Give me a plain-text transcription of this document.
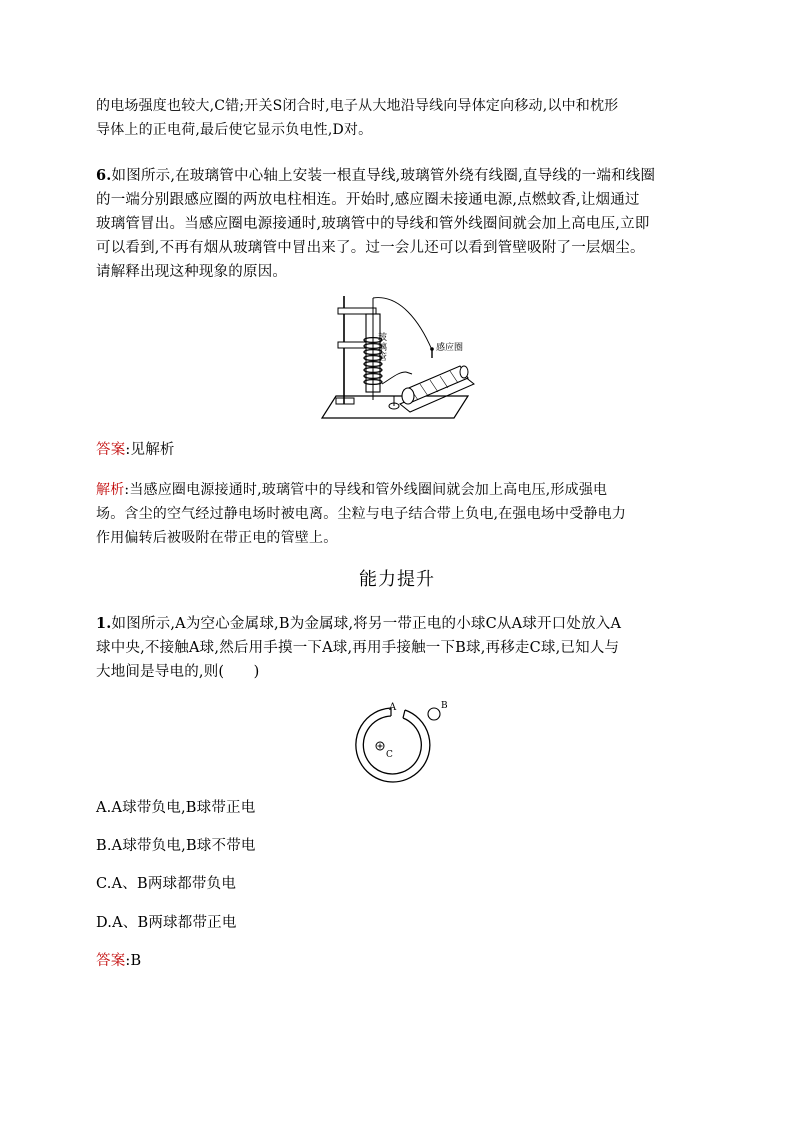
的电场强度也较大,C错;开关S闭合时,电子从大地沿导线向导体定向移动,以中和枕形
导体上的正电荷,最后使它显示负电性,D对。

6.如图所示,在玻璃管中心轴上安装一根直导线,玻璃管外绕有线圈,直导线的一端和线圈
的一端分别跟感应圈的两放电柱相连。开始时,感应圈未接通电源,点燃蚊香,让烟通过
玻璃管冒出。当感应圈电源接通时,玻璃管中的导线和管外线圈间就会加上高电压,立即
可以看到,不再有烟从玻璃管中冒出来了。过一会儿还可以看到管壁吸附了一层烟尘。
请解释出现这种现象的原因。

玻
璃
管
感应圈

答案:见解析

解析:当感应圈电源接通时,玻璃管中的导线和管外线圈间就会加上高电压,形成强电
场。含尘的空气经过静电场时被电离。尘粒与电子结合带上负电,在强电场中受静电力
作用偏转后被吸附在带正电的管壁上。

能力提升

1.如图所示,A为空心金属球,B为金属球,将另一带正电的小球C从A球开口处放入A
球中央,不接触A球,然后用手摸一下A球,再用手接触一下B球,再移走C球,已知人与
大地间是导电的,则(　　)

A	B
C
A.A球带负电,B球带正电
B.A球带负电,B球不带电
C.A、B两球都带负电
D.A、B两球都带正电

答案:B
